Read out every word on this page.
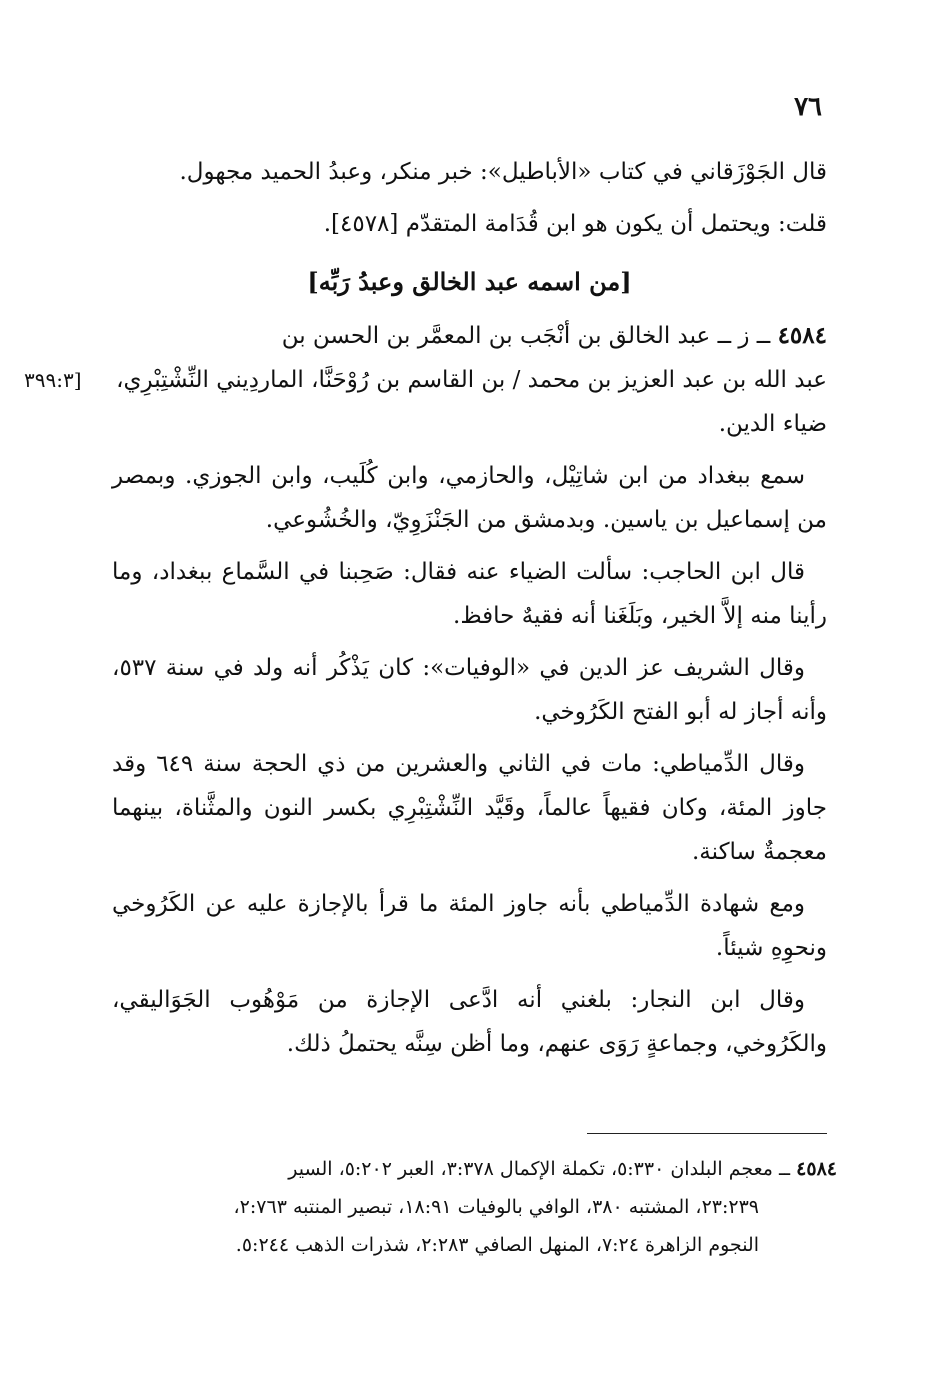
٧٦

قال الجَوْزَقاني في كتاب «الأباطيل»: خبر منكر، وعبدُ الحميد مجهول.

قلت: ويحتمل أن يكون هو ابن قُدَامة المتقدّم [٤٥٧٨].

[من اسمه عبد الخالق وعبدُ رَبِّه]
٤٥٨٤ ــ ز ــ عبد الخالق بن أنْجَب بن المعمَّر بن الحسن بن
عبد الله بن عبد العزيز بن محمد / بن القاسم بن رُوْحَنَّا، الماردِيني النِّشْتِبْرِي،
[٣٩٩:٣
ضياء الدين.

سمع ببغداد من ابن شاتِيْل، والحازمي، وابن كُلَيب، وابن الجوزي. وبمصر من إسماعيل بن ياسين. وبدمشق من الجَنْزَوِيّ، والخُشُوعي.

قال ابن الحاجب: سألت الضياء عنه فقال: صَحِبنا في السَّماع ببغداد، وما رأينا منه إلاَّ الخير، وبَلَغَنا أنه فقيهٌ حافظ.

وقال الشريف عز الدين في «الوفيات»: كان يَذْكُر أنه ولد في سنة ٥٣٧، وأنه أجاز له أبو الفتح الكَرُوخي.

وقال الدِّمياطي: مات في الثاني والعشرين من ذي الحجة سنة ٦٤٩ وقد جاوز المئة، وكان فقيهاً عالماً، وقَيَّد النِّشْتِبْرِي بكسر النون والمثَّناة، بينهما معجمةٌ ساكنة.

ومع شهادة الدِّمياطي بأنه جاوز المئة ما قرأ بالإجازة عليه عن الكَرُوخي ونحوِهِ شيئاً.

وقال ابن النجار: بلغني أنه ادَّعى الإجازة من مَوْهُوب الجَوَاليقي، والكَرُوخي، وجماعةٍ رَوَى عنهم، وما أظن سِنَّه يحتملُ ذلك.

٤٥٨٤ ــ معجم البلدان ٥:٣٣٠، تكملة الإكمال ٣:٣٧٨، العبر ٥:٢٠٢، السير
٢٣:٢٣٩، المشتبه ٣٨٠، الوافي بالوفيات ١٨:٩١، تبصير المنتبه ٢:٧٦٣،
النجوم الزاهرة ٧:٢٤، المنهل الصافي ٢:٢٨٣، شذرات الذهب ٥:٢٤٤.
